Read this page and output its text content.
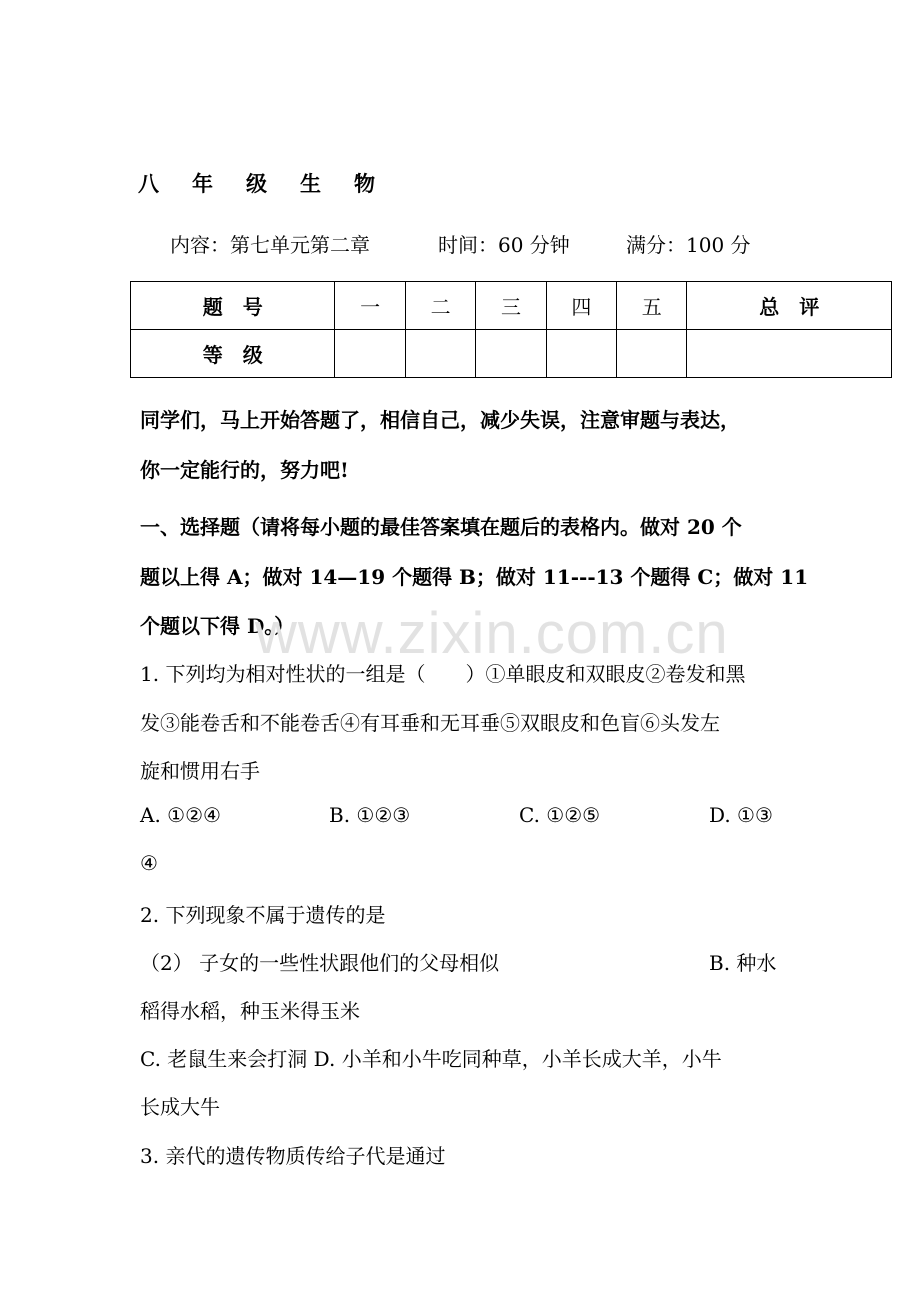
八 年 级 生 物
内容：第七单元第二章	时间：60 分钟	满分：100 分
题　号	一	二	三	四	五	总　评
等　级						
同学们，马上开始答题了，相信自己，减少失误，注意审题与表达，
你一定能行的，努力吧!
一、选择题（请将每小题的最佳答案填在题后的表格内。做对 20 个
题以上得 A；做对 14—19 个题得 B；做对 11---13 个题得 C；做对 11
个题以下得 D。）
1. 下列均为相对性状的一组是（　　）①单眼皮和双眼皮②卷发和黑
发③能卷舌和不能卷舌④有耳垂和无耳垂⑤双眼皮和色盲⑥头发左
旋和惯用右手
A. ①②④	B. ①②③	C. ①②⑤	D. ①③
④
2. 下列现象不属于遗传的是
（2） 子女的一些性状跟他们的父母相似	B. 种水
稻得水稻，种玉米得玉米
C. 老鼠生来会打洞 D. 小羊和小牛吃同种草，小羊长成大羊，小牛
长成大牛
3. 亲代的遗传物质传给子代是通过
www.zixin.com.cn
